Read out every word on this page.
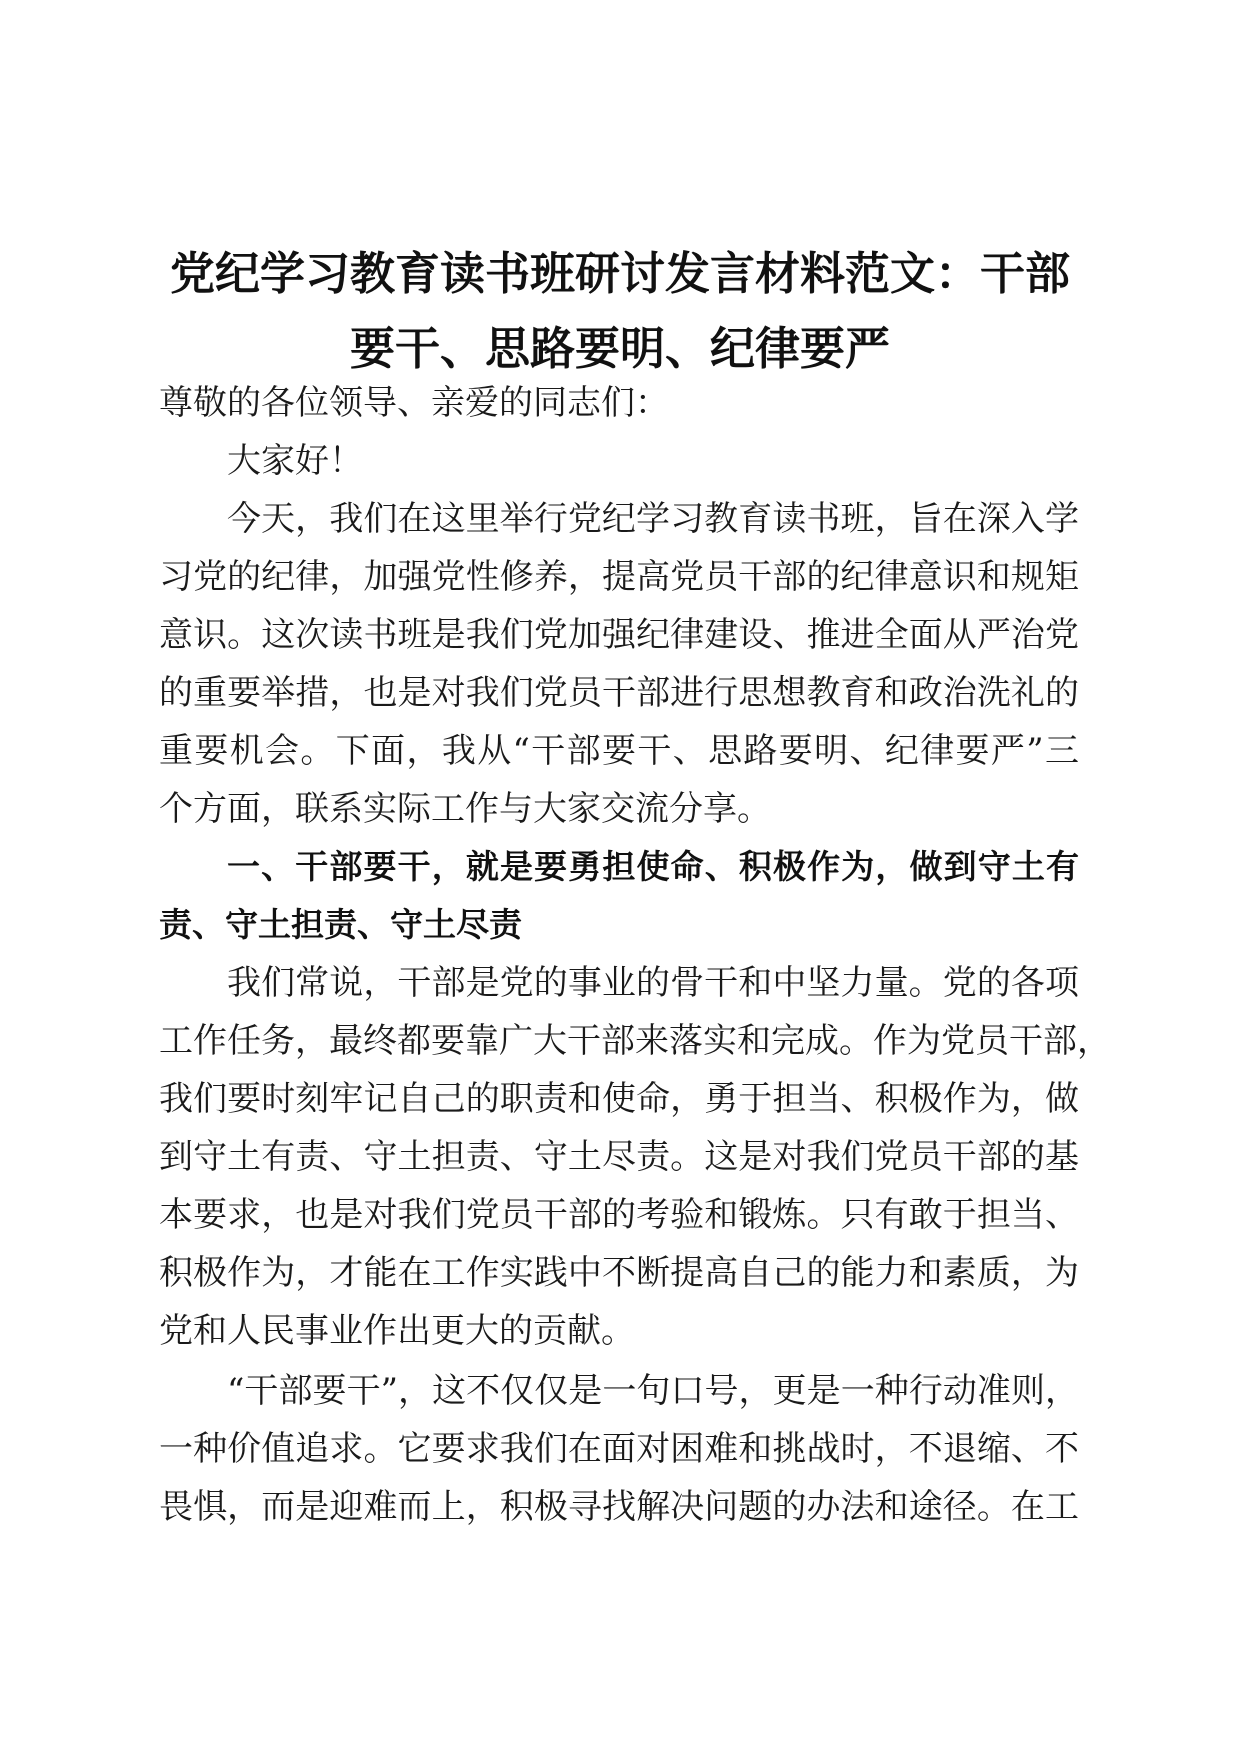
党纪学习教育读书班研讨发言材料范文：干部
要干、思路要明、纪律要严

尊敬的各位领导、亲爱的同志们：

大家好！

今天，我们在这里举行党纪学习教育读书班，旨在深入学

习党的纪律，加强党性修养，提高党员干部的纪律意识和规矩

意识。这次读书班是我们党加强纪律建设、推进全面从严治党

的重要举措，也是对我们党员干部进行思想教育和政治洗礼的

重要机会。下面，我从“干部要干、思路要明、纪律要严”三

个方面，联系实际工作与大家交流分享。

一、干部要干，就是要勇担使命、积极作为，做到守土有

责、守土担责、守土尽责

我们常说，干部是党的事业的骨干和中坚力量。党的各项

工作任务，最终都要靠广大干部来落实和完成。作为党员干部，

我们要时刻牢记自己的职责和使命，勇于担当、积极作为，做

到守土有责、守土担责、守土尽责。这是对我们党员干部的基

本要求，也是对我们党员干部的考验和锻炼。只有敢于担当、

积极作为，才能在工作实践中不断提高自己的能力和素质，为

党和人民事业作出更大的贡献。

“干部要干”，这不仅仅是一句口号，更是一种行动准则，

一种价值追求。它要求我们在面对困难和挑战时，不退缩、不

畏惧，而是迎难而上，积极寻找解决问题的办法和途径。在工
